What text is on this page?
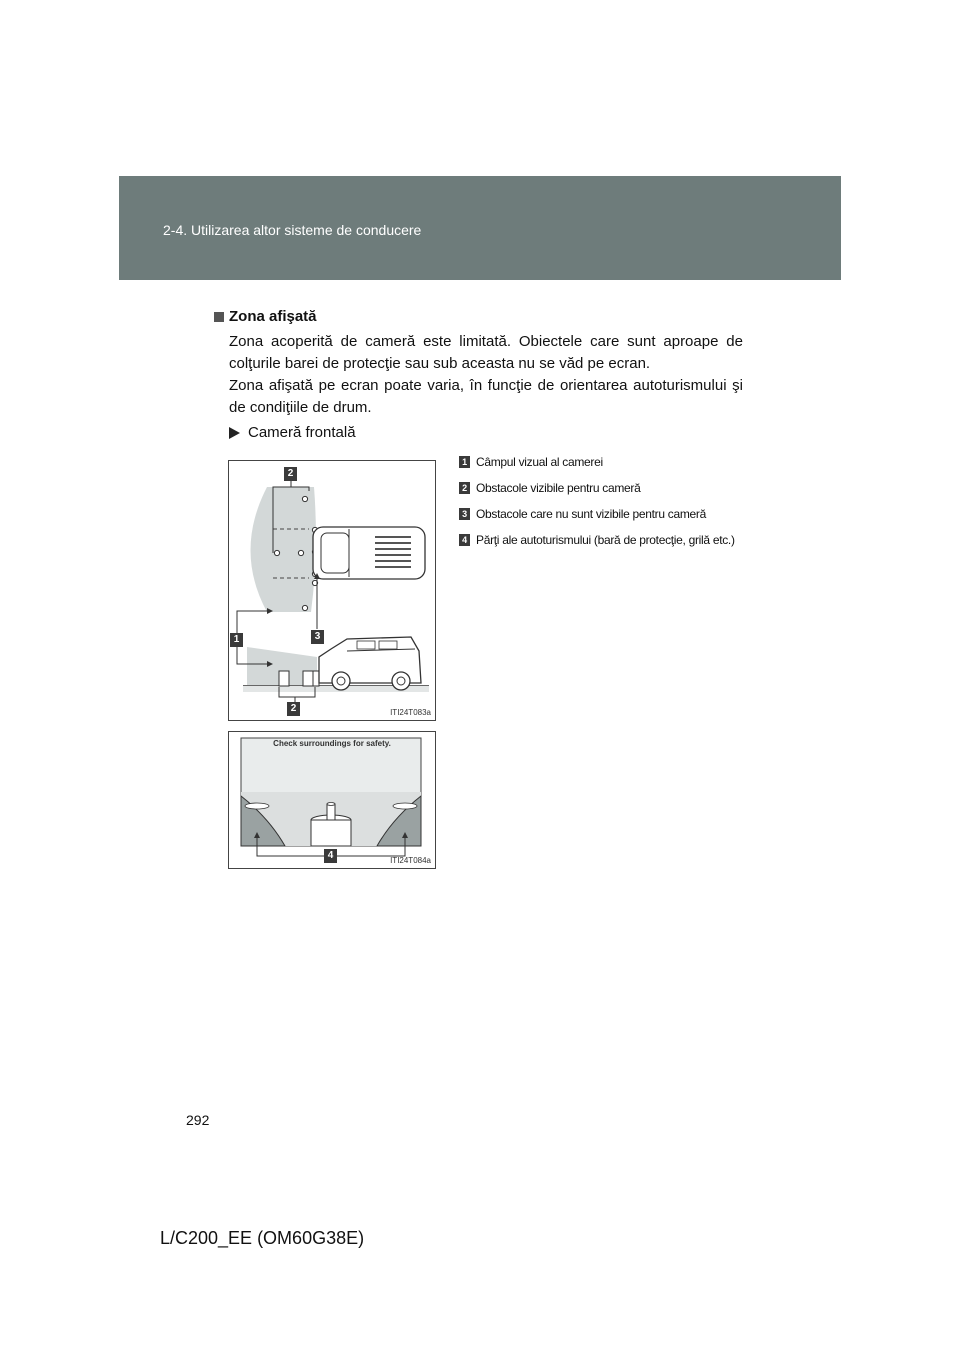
2-4. Utilizarea altor sisteme de conducere
Zona afişată
Zona acoperită de cameră este limitată. Obiectele care sunt aproape de colţurile barei de protecţie sau sub aceasta nu se văd pe ecran.
Zona afişată pe ecran poate varia, în funcţie de orientarea autoturismului şi de condiţiile de drum.
Cameră frontală
2
1	3
2	ITI24T083a
Check surroundings for safety.
4	ITI24T084a
1 Câmpul vizual al camerei
2 Obstacole vizibile pentru cameră
3 Obstacole care nu sunt vizibile pentru cameră
4 Părţi ale autoturismului (bară de protecţie, grilă etc.)
292
L/C200_EE (OM60G38E)
